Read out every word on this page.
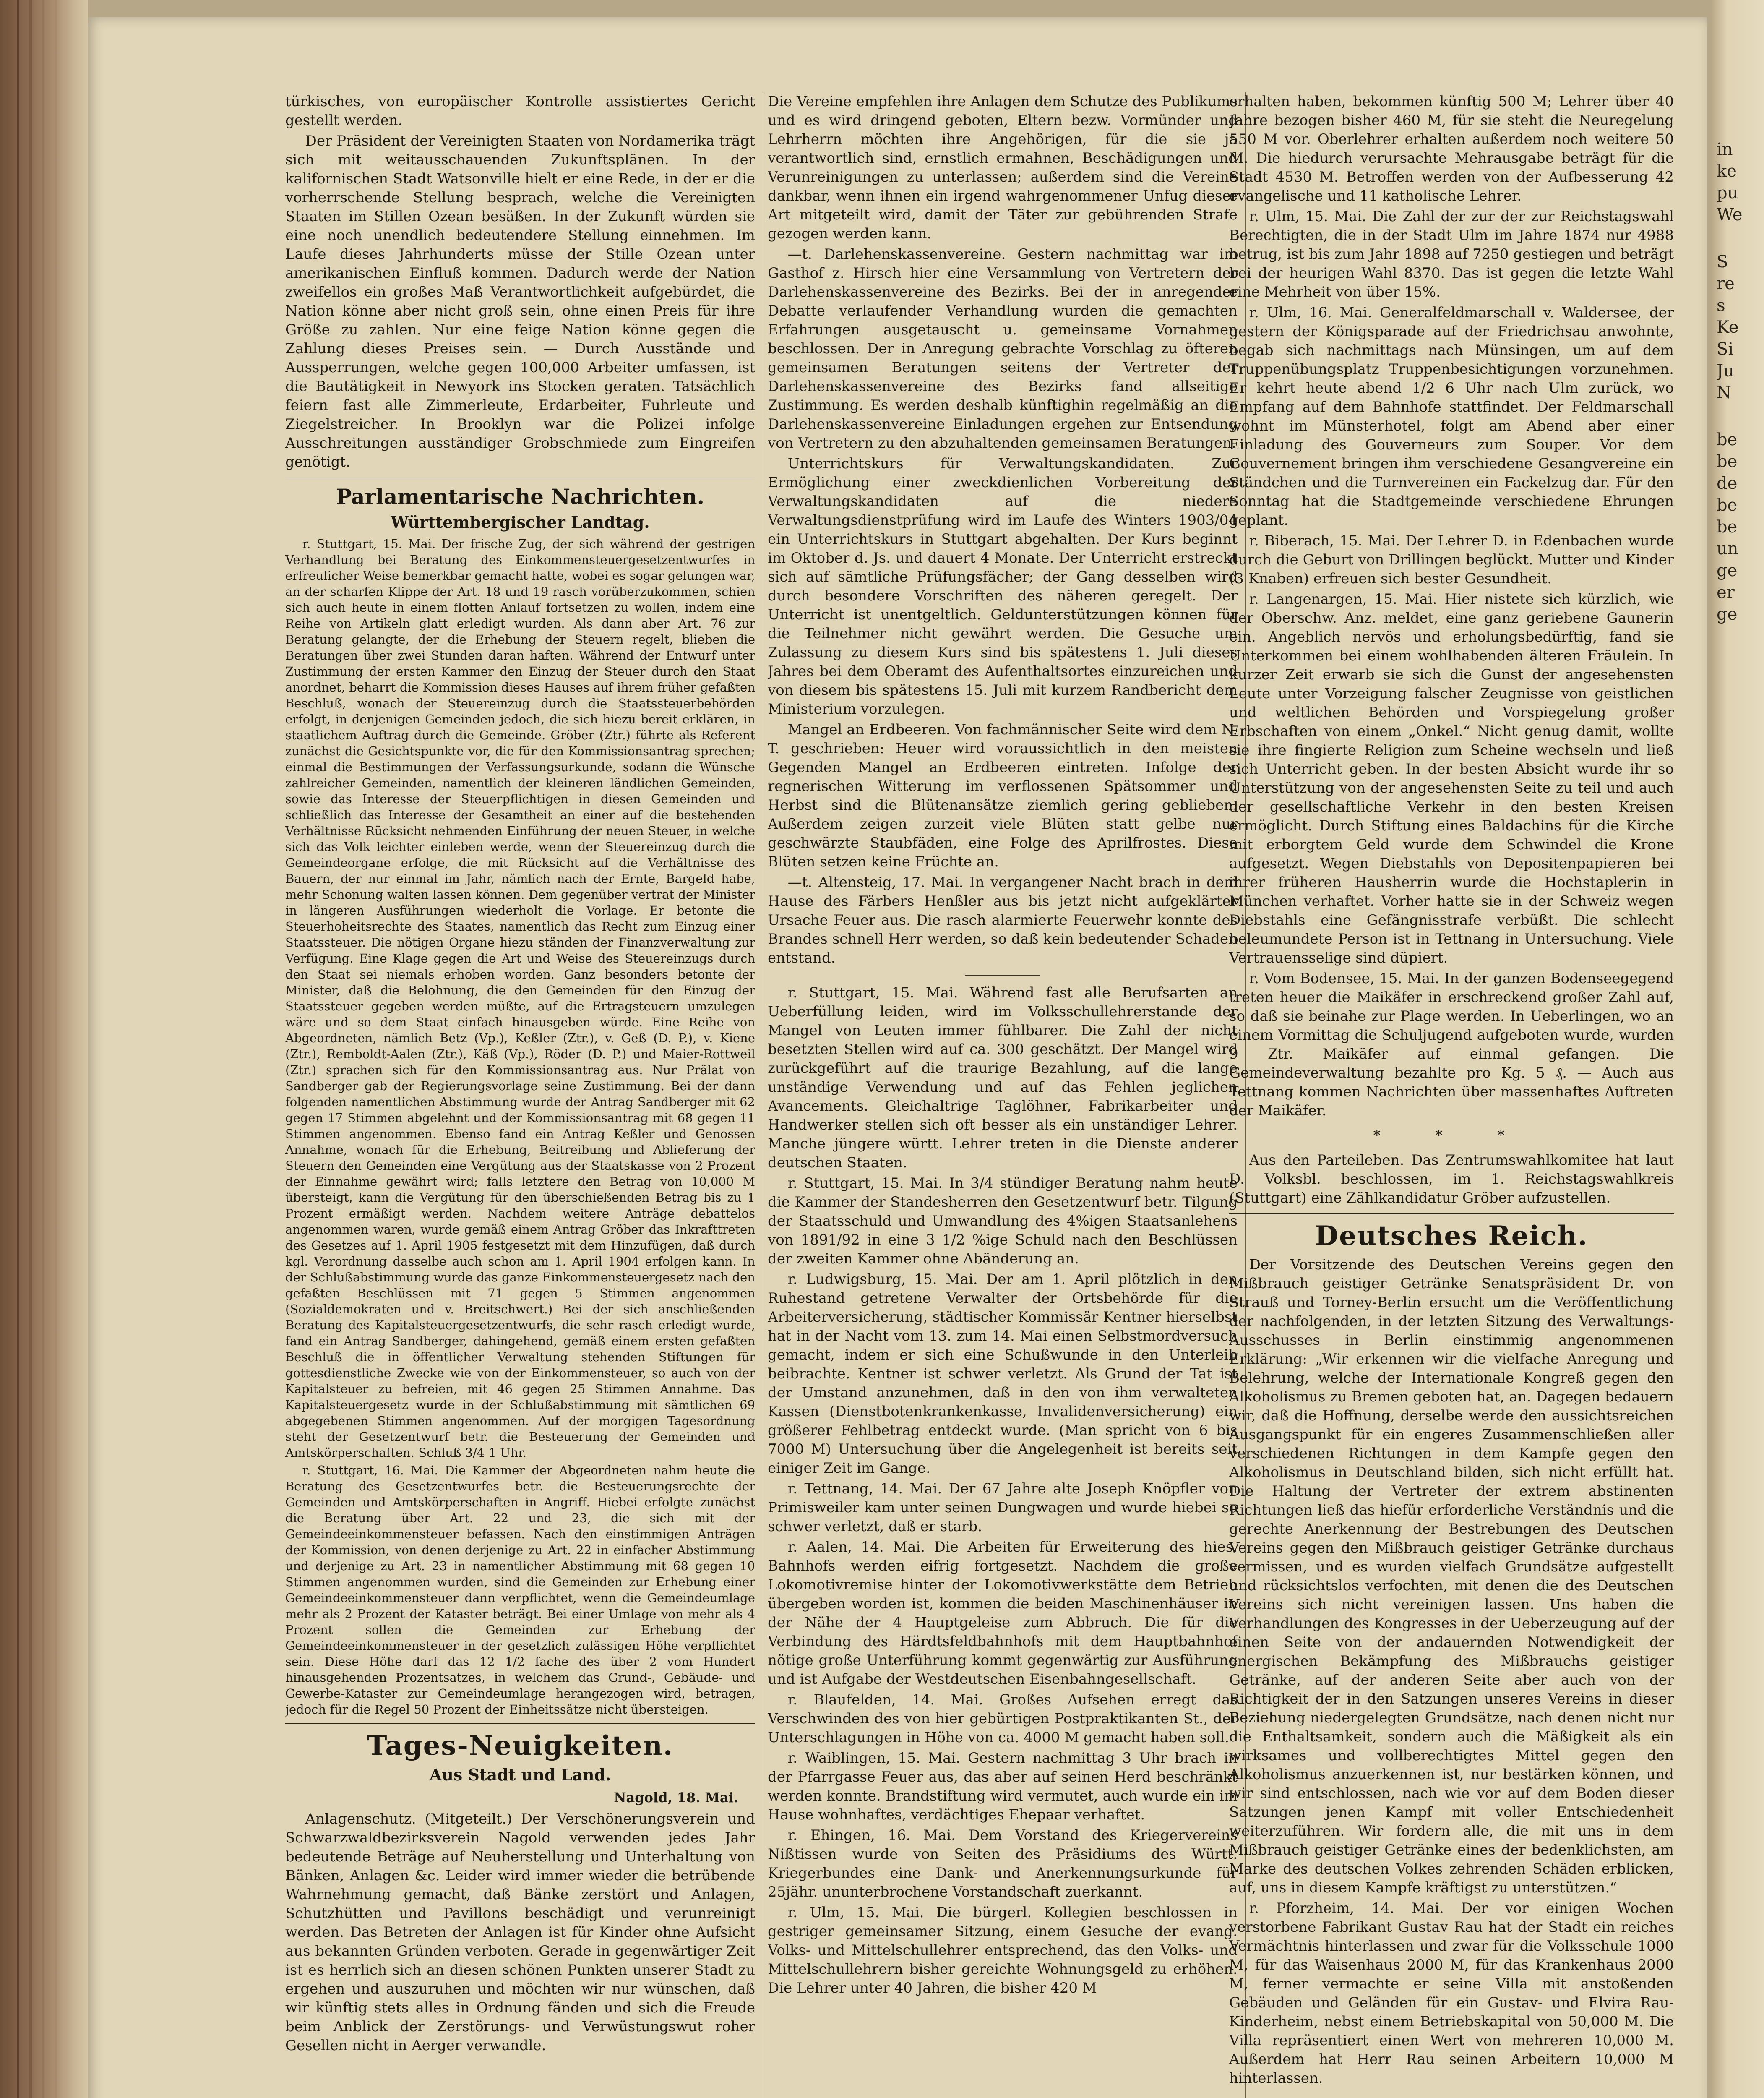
türkisches, von europäischer Kontrolle assistiertes Gericht gestellt werden.

Der Präsident der Vereinigten Staaten von Nordamerika trägt sich mit weitausschauenden Zukunftsplänen. In der kalifornischen Stadt Watsonville hielt er eine Rede, in der er die vorherrschende Stellung besprach, welche die Vereinigten Staaten im Stillen Ozean besäßen. In der Zukunft würden sie eine noch unendlich bedeutendere Stellung einnehmen. Im Laufe dieses Jahrhunderts müsse der Stille Ozean unter amerikanischen Einfluß kommen. Dadurch werde der Nation zweifellos ein großes Maß Verantwortlichkeit aufgebürdet, die Nation könne aber nicht groß sein, ohne einen Preis für ihre Größe zu zahlen. Nur eine feige Nation könne gegen die Zahlung dieses Preises sein. — Durch Ausstände und Aussperrungen, welche gegen 100,000 Arbeiter umfassen, ist die Bautätigkeit in Newyork ins Stocken geraten. Tatsächlich feiern fast alle Zimmerleute, Erdarbeiter, Fuhrleute und Ziegelstreicher. In Brooklyn war die Polizei infolge Ausschreitungen ausständiger Grobschmiede zum Eingreifen genötigt.

Parlamentarische Nachrichten.
Württembergischer Landtag.

r. Stuttgart, 15. Mai. Der frische Zug, der sich während der gestrigen Verhandlung bei Beratung des Einkommensteuergesetzentwurfes in erfreulicher Weise bemerkbar gemacht hatte, wobei es sogar gelungen war, an der scharfen Klippe der Art. 18 und 19 rasch vorüberzukommen, schien sich auch heute in einem flotten Anlauf fortsetzen zu wollen, indem eine Reihe von Artikeln glatt erledigt wurden. Als dann aber Art. 76 zur Beratung gelangte, der die Erhebung der Steuern regelt, blieben die Beratungen über zwei Stunden daran haften. Während der Entwurf unter Zustimmung der ersten Kammer den Einzug der Steuer durch den Staat anordnet, beharrt die Kommission dieses Hauses auf ihrem früher gefaßten Beschluß, wonach der Steuereinzug durch die Staatssteuerbehörden erfolgt, in denjenigen Gemeinden jedoch, die sich hiezu bereit erklären, in staatlichem Auftrag durch die Gemeinde. Gröber (Ztr.) führte als Referent zunächst die Gesichtspunkte vor, die für den Kommissionsantrag sprechen; einmal die Bestimmungen der Verfassungsurkunde, sodann die Wünsche zahlreicher Gemeinden, namentlich der kleineren ländlichen Gemeinden, sowie das Interesse der Steuerpflichtigen in diesen Gemeinden und schließlich das Interesse der Gesamtheit an einer auf die bestehenden Verhältnisse Rücksicht nehmenden Einführung der neuen Steuer, in welche sich das Volk leichter einleben werde, wenn der Steuereinzug durch die Gemeindeorgane erfolge, die mit Rücksicht auf die Verhältnisse des Bauern, der nur einmal im Jahr, nämlich nach der Ernte, Bargeld habe, mehr Schonung walten lassen können. Dem gegenüber vertrat der Minister in längeren Ausführungen wiederholt die Vorlage. Er betonte die Steuerhoheitsrechte des Staates, namentlich das Recht zum Einzug einer Staatssteuer. Die nötigen Organe hiezu ständen der Finanzverwaltung zur Verfügung. Eine Klage gegen die Art und Weise des Steuereinzugs durch den Staat sei niemals erhoben worden. Ganz besonders betonte der Minister, daß die Belohnung, die den Gemeinden für den Einzug der Staatssteuer gegeben werden müßte, auf die Ertragsteuern umzulegen wäre und so dem Staat einfach hinausgeben würde. Eine Reihe von Abgeordneten, nämlich Betz (Vp.), Keßler (Ztr.), v. Geß (D. P.), v. Kiene (Ztr.), Remboldt-Aalen (Ztr.), Käß (Vp.), Röder (D. P.) und Maier-Rottweil (Ztr.) sprachen sich für den Kommissionsantrag aus. Nur Prälat von Sandberger gab der Regierungsvorlage seine Zustimmung. Bei der dann folgenden namentlichen Abstimmung wurde der Antrag Sandberger mit 62 gegen 17 Stimmen abgelehnt und der Kommissionsantrag mit 68 gegen 11 Stimmen angenommen. Ebenso fand ein Antrag Keßler und Genossen Annahme, wonach für die Erhebung, Beitreibung und Ablieferung der Steuern den Gemeinden eine Vergütung aus der Staatskasse von 2 Prozent der Einnahme gewährt wird; falls letztere den Betrag von 10,000 M übersteigt, kann die Vergütung für den überschießenden Betrag bis zu 1 Prozent ermäßigt werden. Nachdem weitere Anträge debattelos angenommen waren, wurde gemäß einem Antrag Gröber das Inkrafttreten des Gesetzes auf 1. April 1905 festgesetzt mit dem Hinzufügen, daß durch kgl. Verordnung dasselbe auch schon am 1. April 1904 erfolgen kann. In der Schlußabstimmung wurde das ganze Einkommensteuergesetz nach den gefaßten Beschlüssen mit 71 gegen 5 Stimmen angenommen (Sozialdemokraten und v. Breitschwert.) Bei der sich anschließenden Beratung des Kapitalsteuergesetzentwurfs, die sehr rasch erledigt wurde, fand ein Antrag Sandberger, dahingehend, gemäß einem ersten gefaßten Beschluß die in öffentlicher Verwaltung stehenden Stiftungen für gottesdienstliche Zwecke wie von der Einkommensteuer, so auch von der Kapitalsteuer zu befreien, mit 46 gegen 25 Stimmen Annahme. Das Kapitalsteuergesetz wurde in der Schlußabstimmung mit sämtlichen 69 abgegebenen Stimmen angenommen. Auf der morgigen Tagesordnung steht der Gesetzentwurf betr. die Besteuerung der Gemeinden und Amtskörperschaften. Schluß 3/4 1 Uhr.

r. Stuttgart, 16. Mai. Die Kammer der Abgeordneten nahm heute die Beratung des Gesetzentwurfes betr. die Besteuerungsrechte der Gemeinden und Amtskörperschaften in Angriff. Hiebei erfolgte zunächst die Beratung über Art. 22 und 23, die sich mit der Gemeindeeinkommensteuer befassen. Nach den einstimmigen Anträgen der Kommission, von denen derjenige zu Art. 22 in einfacher Abstimmung und derjenige zu Art. 23 in namentlicher Abstimmung mit 68 gegen 10 Stimmen angenommen wurden, sind die Gemeinden zur Erhebung einer Gemeindeeinkommensteuer dann verpflichtet, wenn die Gemeindeumlage mehr als 2 Prozent der Kataster beträgt. Bei einer Umlage von mehr als 4 Prozent sollen die Gemeinden zur Erhebung der Gemeindeeinkommensteuer in der gesetzlich zulässigen Höhe verpflichtet sein. Diese Höhe darf das 12 1/2 fache des über 2 vom Hundert hinausgehenden Prozentsatzes, in welchem das Grund-, Gebäude- und Gewerbe-Kataster zur Gemeindeumlage herangezogen wird, betragen, jedoch für die Regel 50 Prozent der Einheitssätze nicht übersteigen.

Tages-Neuigkeiten.
Aus Stadt und Land.
Nagold, 18. Mai.

Anlagenschutz. (Mitgeteilt.) Der Verschönerungsverein und Schwarzwaldbezirksverein Nagold verwenden jedes Jahr bedeutende Beträge auf Neuherstellung und Unterhaltung von Bänken, Anlagen &c. Leider wird immer wieder die betrübende Wahrnehmung gemacht, daß Bänke zerstört und Anlagen, Schutzhütten und Pavillons beschädigt und verunreinigt werden. Das Betreten der Anlagen ist für Kinder ohne Aufsicht aus bekannten Gründen verboten. Gerade in gegenwärtiger Zeit ist es herrlich sich an diesen schönen Punkten unserer Stadt zu ergehen und auszuruhen und möchten wir nur wünschen, daß wir künftig stets alles in Ordnung fänden und sich die Freude beim Anblick der Zerstörungs- und Verwüstungswut roher Gesellen nicht in Aerger verwandle.

Die Vereine empfehlen ihre Anlagen dem Schutze des Publikums und es wird dringend geboten, Eltern bezw. Vormünder und Lehrherrn möchten ihre Angehörigen, für die sie ja verantwortlich sind, ernstlich ermahnen, Beschädigungen und Verunreinigungen zu unterlassen; außerdem sind die Vereine dankbar, wenn ihnen ein irgend wahrgenommener Unfug dieser Art mitgeteilt wird, damit der Täter zur gebührenden Strafe gezogen werden kann.

—t. Darlehenskassenvereine. Gestern nachmittag war im Gasthof z. Hirsch hier eine Versammlung von Vertretern der Darlehenskassenvereine des Bezirks. Bei der in anregender Debatte verlaufender Verhandlung wurden die gemachten Erfahrungen ausgetauscht u. gemeinsame Vornahmen beschlossen. Der in Anregung gebrachte Vorschlag zu öfteren gemeinsamen Beratungen seitens der Vertreter der Darlehenskassenvereine des Bezirks fand allseitige Zustimmung. Es werden deshalb künftighin regelmäßig an die Darlehenskassenvereine Einladungen ergehen zur Entsendung von Vertretern zu den abzuhaltenden gemeinsamen Beratungen.

Unterrichtskurs für Verwaltungskandidaten. Zur Ermöglichung einer zweckdienlichen Vorbereitung der Verwaltungskandidaten auf die niedere Verwaltungsdienstprüfung wird im Laufe des Winters 1903/04 ein Unterrichtskurs in Stuttgart abgehalten. Der Kurs beginnt im Oktober d. Js. und dauert 4 Monate. Der Unterricht erstreckt sich auf sämtliche Prüfungsfächer; der Gang desselben wird durch besondere Vorschriften des näheren geregelt. Der Unterricht ist unentgeltlich. Geldunterstützungen können für die Teilnehmer nicht gewährt werden. Die Gesuche um Zulassung zu diesem Kurs sind bis spätestens 1. Juli dieses Jahres bei dem Oberamt des Aufenthaltsortes einzureichen und von diesem bis spätestens 15. Juli mit kurzem Randbericht dem Ministerium vorzulegen.

Mangel an Erdbeeren. Von fachmännischer Seite wird dem N. T. geschrieben: Heuer wird voraussichtlich in den meisten Gegenden Mangel an Erdbeeren eintreten. Infolge der regnerischen Witterung im verflossenen Spätsommer und Herbst sind die Blütenansätze ziemlich gering geblieben. Außerdem zeigen zurzeit viele Blüten statt gelbe nur geschwärzte Staubfäden, eine Folge des Aprilfrostes. Diese Blüten setzen keine Früchte an.

—t. Altensteig, 17. Mai. In vergangener Nacht brach in dem Hause des Färbers Henßler aus bis jetzt nicht aufgeklärter Ursache Feuer aus. Die rasch alarmierte Feuerwehr konnte des Brandes schnell Herr werden, so daß kein bedeutender Schaden entstand.

r. Stuttgart, 15. Mai. Während fast alle Berufsarten an Ueberfüllung leiden, wird im Volksschullehrerstande der Mangel von Leuten immer fühlbarer. Die Zahl der nicht besetzten Stellen wird auf ca. 300 geschätzt. Der Mangel wird zurückgeführt auf die traurige Bezahlung, auf die lange unständige Verwendung und auf das Fehlen jeglichen Avancements. Gleichaltrige Taglöhner, Fabrikarbeiter und Handwerker stellen sich oft besser als ein unständiger Lehrer. Manche jüngere württ. Lehrer treten in die Dienste anderer deutschen Staaten.

r. Stuttgart, 15. Mai. In 3/4 stündiger Beratung nahm heute die Kammer der Standesherren den Gesetzentwurf betr. Tilgung der Staatsschuld und Umwandlung des 4%igen Staatsanlehens von 1891/92 in eine 3 1/2 %ige Schuld nach den Beschlüssen der zweiten Kammer ohne Abänderung an.

r. Ludwigsburg, 15. Mai. Der am 1. April plötzlich in den Ruhestand getretene Verwalter der Ortsbehörde für die Arbeiterversicherung, städtischer Kommissär Kentner hierselbst hat in der Nacht vom 13. zum 14. Mai einen Selbstmordversuch gemacht, indem er sich eine Schußwunde in den Unterleib beibrachte. Kentner ist schwer verletzt. Als Grund der Tat ist der Umstand anzunehmen, daß in den von ihm verwalteten Kassen (Dienstbotenkrankenkasse, Invalidenversicherung) ein größerer Fehlbetrag entdeckt wurde. (Man spricht von 6 bis 7000 M) Untersuchung über die Angelegenheit ist bereits seit einiger Zeit im Gange.

r. Tettnang, 14. Mai. Der 67 Jahre alte Joseph Knöpfler von Primisweiler kam unter seinen Dungwagen und wurde hiebei so schwer verletzt, daß er starb.

r. Aalen, 14. Mai. Die Arbeiten für Erweiterung des hies. Bahnhofs werden eifrig fortgesetzt. Nachdem die große Lokomotivremise hinter der Lokomotivwerkstätte dem Betrieb übergeben worden ist, kommen die beiden Maschinenhäuser in der Nähe der 4 Hauptgeleise zum Abbruch. Die für die Verbindung des Härdtsfeldbahnhofs mit dem Hauptbahnhof nötige große Unterführung kommt gegenwärtig zur Ausführung und ist Aufgabe der Westdeutschen Eisenbahngesellschaft.

r. Blaufelden, 14. Mai. Großes Aufsehen erregt das Verschwinden des von hier gebürtigen Postpraktikanten St., der Unterschlagungen in Höhe von ca. 4000 M gemacht haben soll.

r. Waiblingen, 15. Mai. Gestern nachmittag 3 Uhr brach in der Pfarrgasse Feuer aus, das aber auf seinen Herd beschränkt werden konnte. Brandstiftung wird vermutet, auch wurde ein im Hause wohnhaftes, verdächtiges Ehepaar verhaftet.

r. Ehingen, 16. Mai. Dem Vorstand des Kriegervereins Nißtissen wurde von Seiten des Präsidiums des Württ. Kriegerbundes eine Dank- und Anerkennungsurkunde für 25jähr. ununterbrochene Vorstandschaft zuerkannt.

r. Ulm, 15. Mai. Die bürgerl. Kollegien beschlossen in gestriger gemeinsamer Sitzung, einem Gesuche der evang. Volks- und Mittelschullehrer entsprechend, das den Volks- und Mittelschullehrern bisher gereichte Wohnungsgeld zu erhöhen. Die Lehrer unter 40 Jahren, die bisher 420 M

erhalten haben, bekommen künftig 500 M; Lehrer über 40 Jahre bezogen bisher 460 M, für sie steht die Neuregelung 550 M vor. Oberlehrer erhalten außerdem noch weitere 50 M. Die hiedurch verursachte Mehrausgabe beträgt für die Stadt 4530 M. Betroffen werden von der Aufbesserung 42 evangelische und 11 katholische Lehrer.

r. Ulm, 15. Mai. Die Zahl der zur der zur Reichstagswahl Berechtigten, die in der Stadt Ulm im Jahre 1874 nur 4988 betrug, ist bis zum Jahr 1898 auf 7250 gestiegen und beträgt bei der heurigen Wahl 8370. Das ist gegen die letzte Wahl eine Mehrheit von über 15%.

r. Ulm, 16. Mai. Generalfeldmarschall v. Waldersee, der gestern der Königsparade auf der Friedrichsau anwohnte, begab sich nachmittags nach Münsingen, um auf dem Truppenübungsplatz Truppenbesichtigungen vorzunehmen. Er kehrt heute abend 1/2 6 Uhr nach Ulm zurück, wo Empfang auf dem Bahnhofe stattfindet. Der Feldmarschall wohnt im Münsterhotel, folgt am Abend aber einer Einladung des Gouverneurs zum Souper. Vor dem Gouvernement bringen ihm verschiedene Gesangvereine ein Ständchen und die Turnvereinen ein Fackelzug dar. Für den Sonntag hat die Stadtgemeinde verschiedene Ehrungen geplant.

r. Biberach, 15. Mai. Der Lehrer D. in Edenbachen wurde durch die Geburt von Drillingen beglückt. Mutter und Kinder (3 Knaben) erfreuen sich bester Gesundheit.

r. Langenargen, 15. Mai. Hier nistete sich kürzlich, wie der Oberschw. Anz. meldet, eine ganz geriebene Gaunerin ein. Angeblich nervös und erholungsbedürftig, fand sie Unterkommen bei einem wohlhabenden älteren Fräulein. In kurzer Zeit erwarb sie sich die Gunst der angesehensten Leute unter Vorzeigung falscher Zeugnisse von geistlichen und weltlichen Behörden und Vorspiegelung großer Erbschaften von einem „Onkel.“ Nicht genug damit, wollte sie ihre fingierte Religion zum Scheine wechseln und ließ sich Unterricht geben. In der besten Absicht wurde ihr so Unterstützung von der angesehensten Seite zu teil und auch der gesellschaftliche Verkehr in den besten Kreisen ermöglicht. Durch Stiftung eines Baldachins für die Kirche mit erborgtem Geld wurde dem Schwindel die Krone aufgesetzt. Wegen Diebstahls von Depositenpapieren bei ihrer früheren Hausherrin wurde die Hochstaplerin in München verhaftet. Vorher hatte sie in der Schweiz wegen Diebstahls eine Gefängnisstrafe verbüßt. Die schlecht beleumundete Person ist in Tettnang in Untersuchung. Viele Vertrauensselige sind düpiert.

r. Vom Bodensee, 15. Mai. In der ganzen Bodenseegegend treten heuer die Maikäfer in erschreckend großer Zahl auf, so daß sie beinahe zur Plage werden. In Ueberlingen, wo an einem Vormittag die Schuljugend aufgeboten wurde, wurden 9 Ztr. Maikäfer auf einmal gefangen. Die Gemeindeverwaltung bezahlte pro Kg. 5 ₰. — Auch aus Tettnang kommen Nachrichten über massenhaftes Auftreten der Maikäfer.

* * *

Aus den Parteileben. Das Zentrumswahlkomitee hat laut D. Volksbl. beschlossen, im 1. Reichstagswahlkreis (Stuttgart) eine Zählkandidatur Gröber aufzustellen.

Deutsches Reich.

Der Vorsitzende des Deutschen Vereins gegen den Mißbrauch geistiger Getränke Senatspräsident Dr. von Strauß und Torney-Berlin ersucht um die Veröffentlichung der nachfolgenden, in der letzten Sitzung des Verwaltungs-Ausschusses in Berlin einstimmig angenommenen Erklärung: „Wir erkennen wir die vielfache Anregung und Belehrung, welche der Internationale Kongreß gegen den Alkoholismus zu Bremen geboten hat, an. Dagegen bedauern wir, daß die Hoffnung, derselbe werde den aussichtsreichen Ausgangspunkt für ein engeres Zusammenschließen aller verschiedenen Richtungen in dem Kampfe gegen den Alkoholismus in Deutschland bilden, sich nicht erfüllt hat. Die Haltung der Vertreter der extrem abstinenten Richtungen ließ das hiefür erforderliche Verständnis und die gerechte Anerkennung der Bestrebungen des Deutschen Vereins gegen den Mißbrauch geistiger Getränke durchaus vermissen, und es wurden vielfach Grundsätze aufgestellt und rücksichtslos verfochten, mit denen die des Deutschen Vereins sich nicht vereinigen lassen. Uns haben die Verhandlungen des Kongresses in der Ueberzeugung auf der einen Seite von der andauernden Notwendigkeit der energischen Bekämpfung des Mißbrauchs geistiger Getränke, auf der anderen Seite aber auch von der Richtigkeit der in den Satzungen unseres Vereins in dieser Beziehung niedergelegten Grundsätze, nach denen nicht nur die Enthaltsamkeit, sondern auch die Mäßigkeit als ein wirksames und vollberechtigtes Mittel gegen den Alkoholismus anzuerkennen ist, nur bestärken können, und wir sind entschlossen, nach wie vor auf dem Boden dieser Satzungen jenen Kampf mit voller Entschiedenheit weiterzuführen. Wir fordern alle, die mit uns in dem Mißbrauch geistiger Getränke eines der bedenklichsten, am Marke des deutschen Volkes zehrenden Schäden erblicken, auf, uns in diesem Kampfe kräftigst zu unterstützen.“

r. Pforzheim, 14. Mai. Der vor einigen Wochen verstorbene Fabrikant Gustav Rau hat der Stadt ein reiches Vermächtnis hinterlassen und zwar für die Volksschule 1000 M, für das Waisenhaus 2000 M, für das Krankenhaus 2000 M, ferner vermachte er seine Villa mit anstoßenden Gebäuden und Geländen für ein Gustav- und Elvira Rau-Kinderheim, nebst einem Betriebskapital von 50,000 M. Die Villa repräsentiert einen Wert von mehreren 10,000 M. Außerdem hat Herr Rau seinen Arbeitern 10,000 M hinterlassen.

in
ke
pu
We
S
re
s
Ke
Si
Ju
N
be
be
de
be
be
un
ge
er
ge
